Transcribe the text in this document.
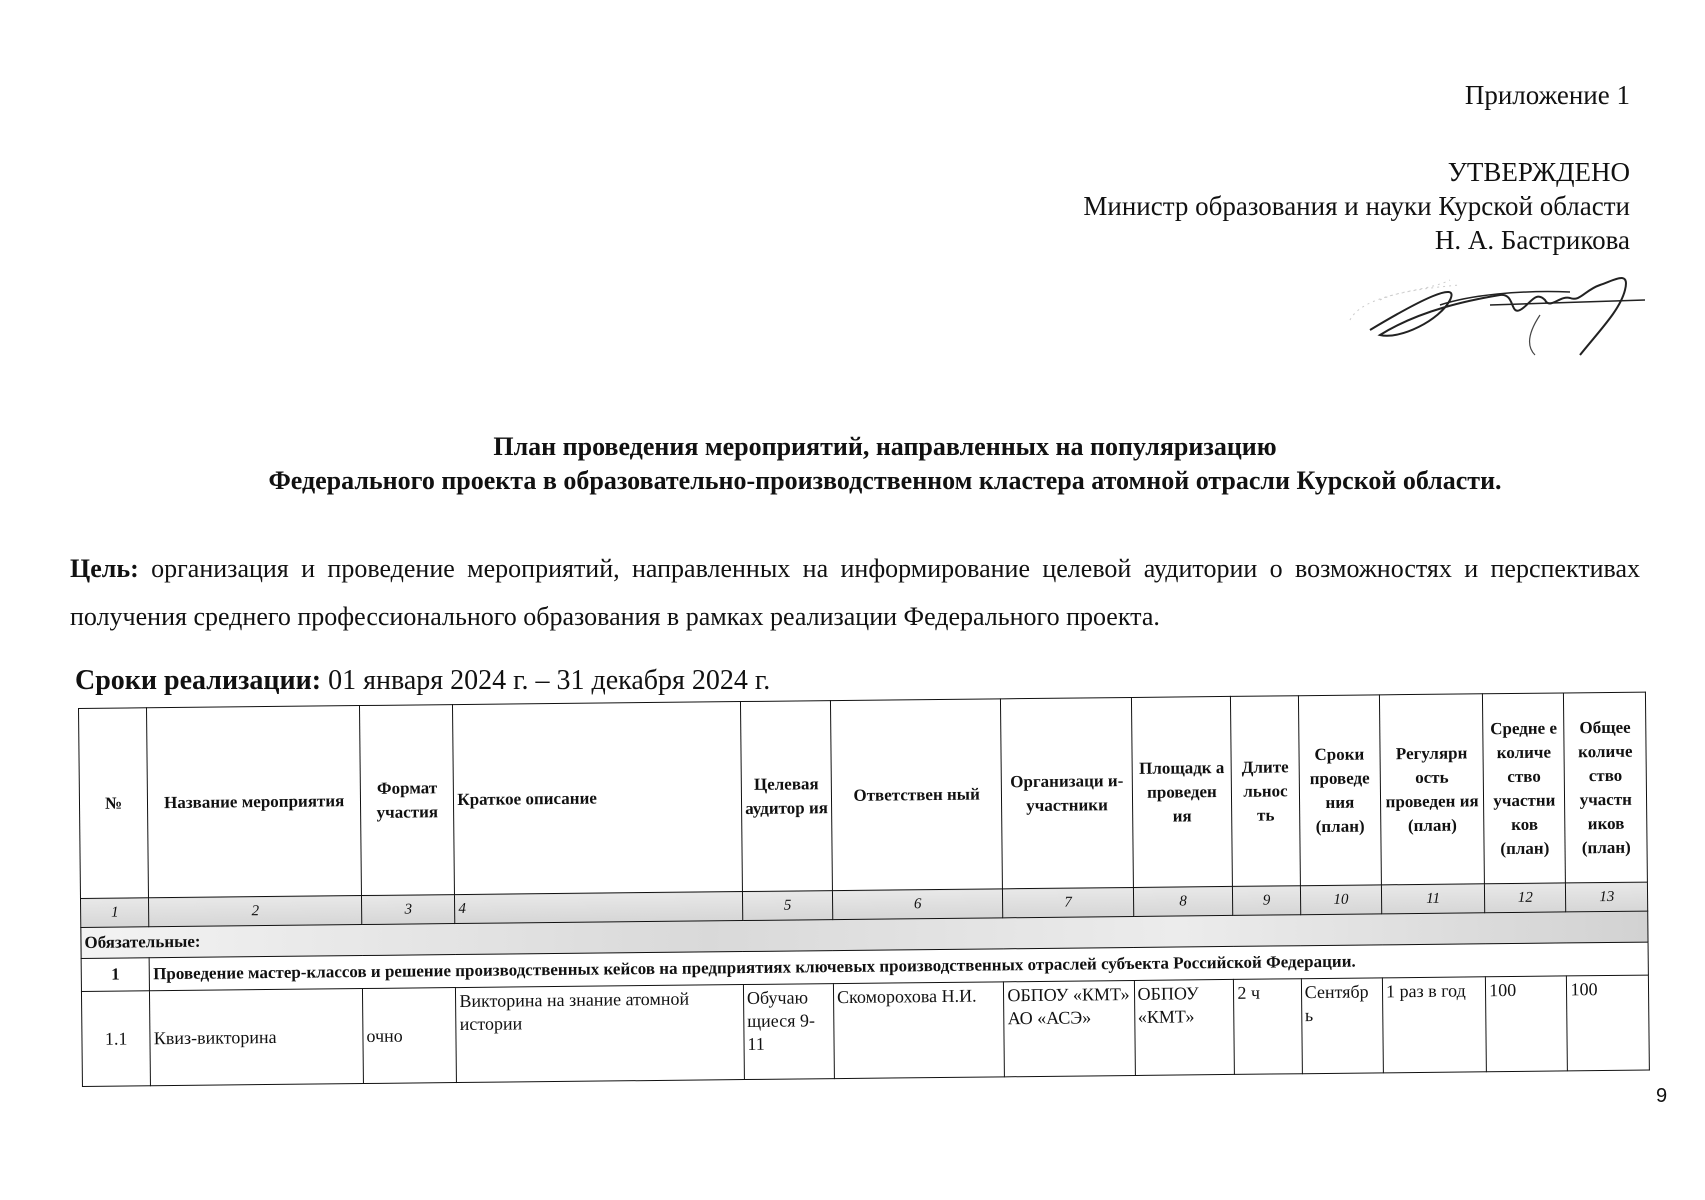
Приложение 1
УТВЕРЖДЕНО
Министр образования и науки Курской области
Н. А. Бастрикова
План проведения мероприятий, направленных на популяризацию
Федерального проекта в образовательно-производственном кластера атомной отрасли Курской области.
Цель: организация и проведение мероприятий, направленных на информирование целевой аудитории о возможностях и перспективах получения среднего профессионального образования в рамках реализации Федерального проекта.
Сроки реализации: 01 января 2024 г. – 31 декабря 2024 г.
№	Название мероприятия	Формат участия	Краткое описание	Целевая аудитор ия	Ответствен ный	Организаци и- участники	Площадк а проведен ия	Длите льнос ть	Сроки проведе ния (план)	Регулярн ость проведен ия (план)	Средне е количе ство участни ков (план)	Общее количе ство участн иков (план)
1	2	3	4	5	6	7	8	9	10	11	12	13
Обязательные:												
1	Проведение мастер-классов и решение производственных кейсов на предприятиях ключевых производственных отраслей субъекта Российской Федерации.											
1.1	Квиз-викторина	очно	Викторина на знание атомной истории	Обучаю щиеся 9-11	Скоморохова Н.И.	ОБПОУ «КМТ» АО «АСЭ»	ОБПОУ «КМТ»	2 ч	Сентябр ь	1 раз в год	100	100
9
